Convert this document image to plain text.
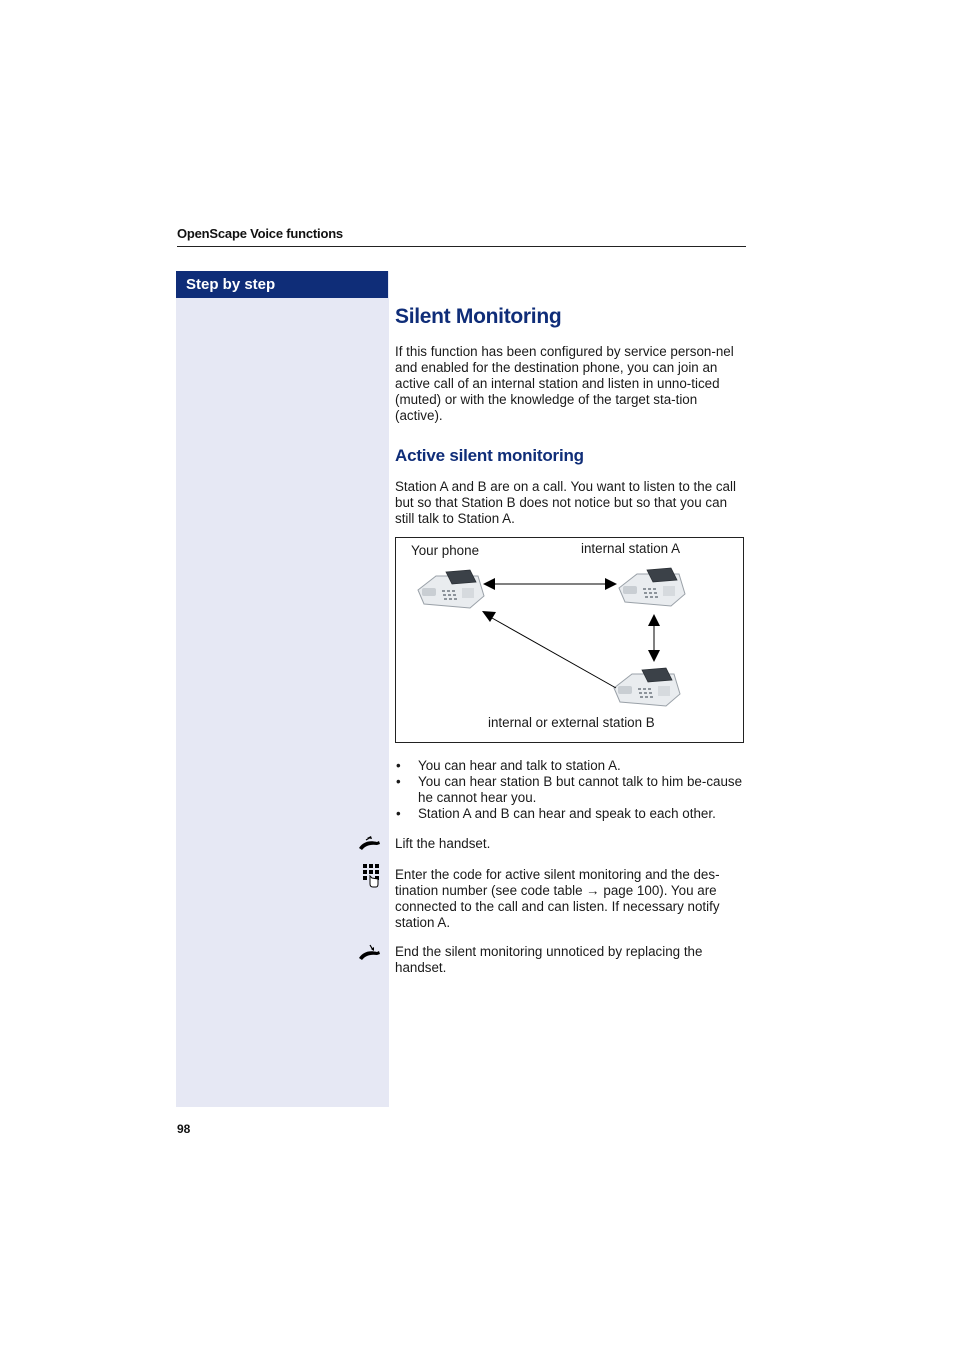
OpenScape Voice functions
Step by step
Silent Monitoring

If this function has been configured by service person-nel and enabled for the destination phone, you can join an active call of an internal station and listen in unno-ticed (muted) or with the knowledge of the target sta-tion (active).

Active silent monitoring

Station A and B are on a call. You want to listen to the call but so that Station B does not notice but so that you can still talk to Station A.

Your phone	internal station A
internal or external station B
• You can hear and talk to station A.
• You can hear station B but cannot talk to him be-cause he cannot hear you.
• Station A and B can hear and speak to each other.

Lift the handset.

Enter the code for active silent monitoring and the des-tination number (see code table → page 100). You are connected to the call and can listen. If necessary notify station A.

End the silent monitoring unnoticed by replacing the handset.

98
